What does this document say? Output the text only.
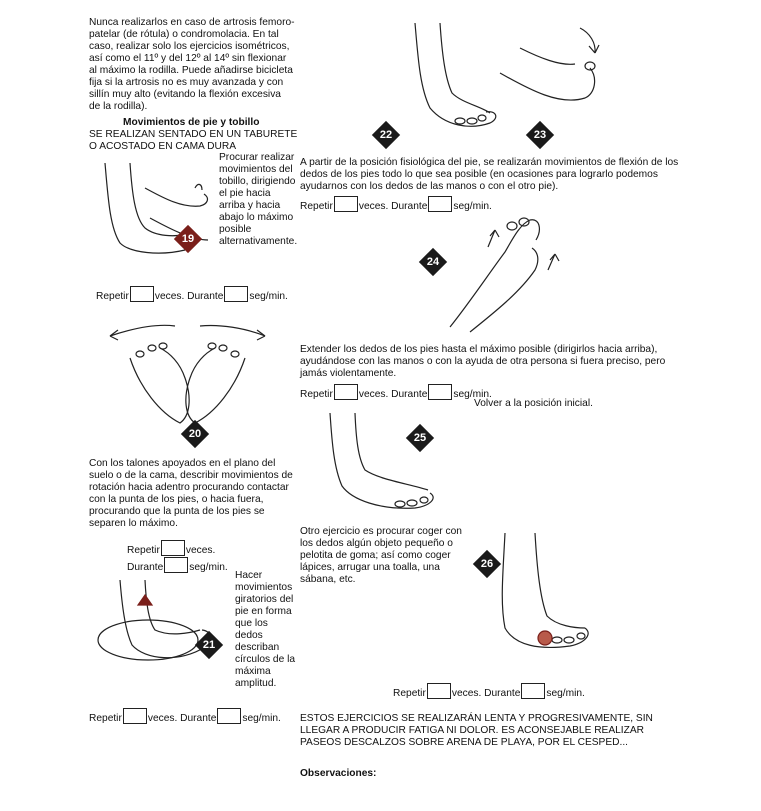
Nunca realizarlos en caso de artrosis femoro-patelar (de rótula) o condromolacia. En tal caso, realizar solo los ejercicios isométricos, así como el 11º y del 12º al 14º sin flexionar al máximo la rodilla. Puede añadirse bicicleta fija si la artrosis no es muy avanzada y con sillín muy alto (evitando la flexión excesiva de la rodilla).
Movimientos de pie y tobillo
SE REALIZAN SENTADO EN UN TABURETE O ACOSTADO EN CAMA DURA
19
Procurar realizar movimientos del tobillo, dirigiendo el pie hacia arriba y hacia abajo lo máximo posible alternativamente.
Repetir	veces. Durante	seg/min.
20
Con los talones apoyados en el plano del suelo o de la cama, describir movimientos de rotación hacia adentro procurando contactar con la punta de los pies, o hacia fuera, procurando que la punta de los pies se separen lo máximo.
Repetir	veces.
Durante	seg/min.
21
Hacer movimientos giratorios del pie en forma que los dedos describan círculos de la máxima amplitud.
Repetir	veces. Durante	seg/min.
22	23
A partir de la posición fisiológica del pie, se realizarán movimientos de flexión de los dedos de los pies todo lo que sea posible (en ocasiones para lograrlo podemos ayudarnos con los dedos de las manos o con el otro pie).
Repetir	veces. Durante	seg/min.
24
Extender los dedos de los pies hasta el máximo posible (dirigirlos hacia arriba), ayudándose con las manos o con la ayuda de otra persona si fuera preciso, pero jamás violentamente.
Repetir	veces. Durante	seg/min.
Volver a la posición inicial.
25
Otro ejercicio es procurar coger con los dedos algún objeto pequeño o pelotita de goma; así como coger lápices, arrugar una toalla, una sábana, etc.
26
Repetir	veces. Durante	seg/min.
ESTOS EJERCICIOS SE REALIZARÁN LENTA Y PROGRESIVAMENTE, SIN LLEGAR A PRODUCIR FATIGA NI DOLOR. ES ACONSEJABLE REALIZAR PASEOS DESCALZOS SOBRE ARENA DE PLAYA, POR EL CESPED...
Observaciones:
